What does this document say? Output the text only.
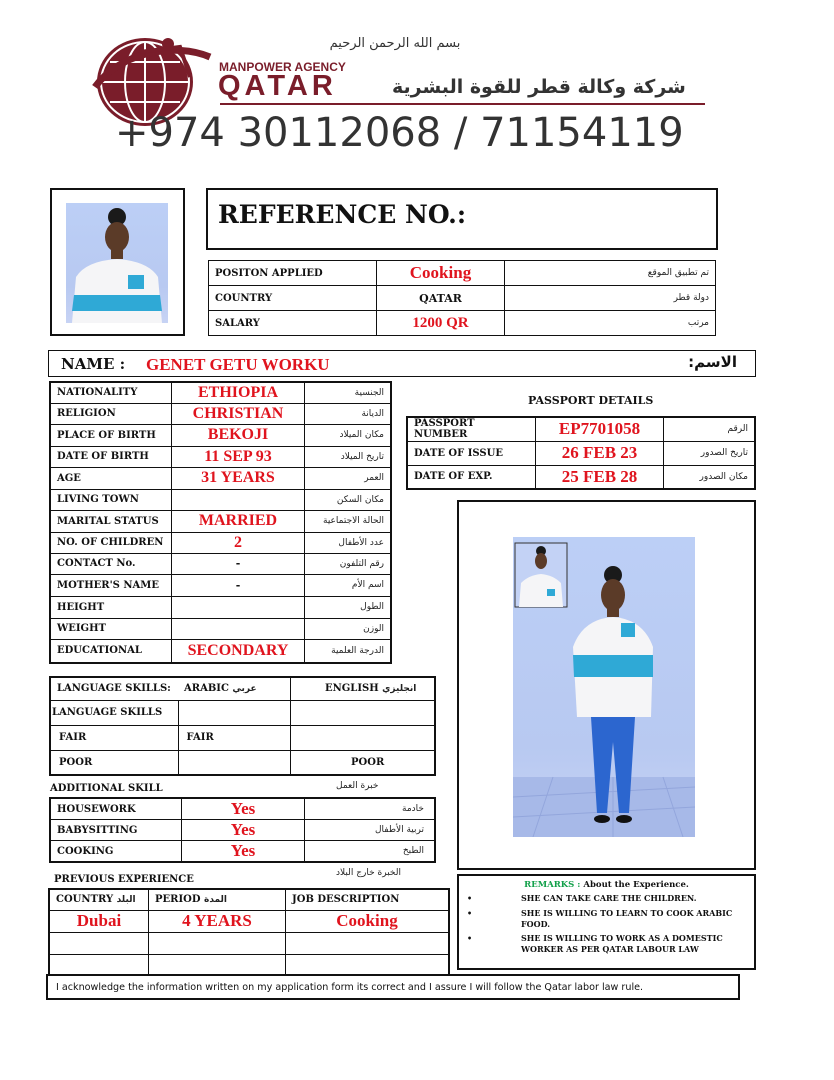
بسم الله الرحمن الرحيم
MANPOWER AGENCY
QATAR	شركة وكالة قطر للقوة البشرية
+974 30112068 / 71154119
REFERENCE NO.:
POSITON APPLIED	Cooking	تم تطبيق الموقع
COUNTRY	QATAR	دولة قطر
SALARY	1200 QR	مرتب
NAME : GENET GETU WORKU	الاسم:
NATIONALITY	ETHIOPIA	الجنسية
RELIGION	CHRISTIAN	الديانة
PLACE OF BIRTH	BEKOJI	مكان الميلاد
DATE OF BIRTH	11 SEP 93	تاريخ الميلاد
AGE	31 YEARS	العمر
LIVING TOWN		مكان السكن
MARITAL STATUS	MARRIED	الحالة الاجتماعية
NO. OF CHILDREN	2	عدد الأطفال
CONTACT No.	-	رقم التلفون
MOTHER'S NAME	-	اسم الأم
HEIGHT		الطول
WEIGHT		الوزن
EDUCATIONAL	SECONDARY	الدرجة العلمية
PASSPORT DETAILS
PASSPORT NUMBER	EP7701058	الرقم
DATE OF ISSUE	26 FEB 23	تاريخ الصدور
DATE OF EXP.	25 FEB 28	مكان الصدور
LANGUAGE SKILLS:	ARABIC عربي	ENGLISH انجليزي
LANGUAGE SKILLS		
FAIR	FAIR	
POOR		POOR
ADDITIONAL SKILL	خبرة العمل
HOUSEWORK	Yes	خادمة
BABYSITTING	Yes	تربية الأطفال
COOKING	Yes	الطبخ
PREVIOUS EXPERIENCE
الخبرة خارج البلاد
COUNTRY البلد	PERIOD المدة	JOB DESCRIPTION
Dubai	4 YEARS	Cooking

REMARKS : About the Experience.
•	SHE CAN TAKE CARE THE CHILDREN.
•	SHE IS WILLING TO LEARN TO COOK ARABIC FOOD.
•	SHE IS WILLING TO WORK AS A DOMESTIC WORKER AS PER QATAR LABOUR LAW
I acknowledge the information written on my application form its correct and I assure I will follow the Qatar labor law rule.
